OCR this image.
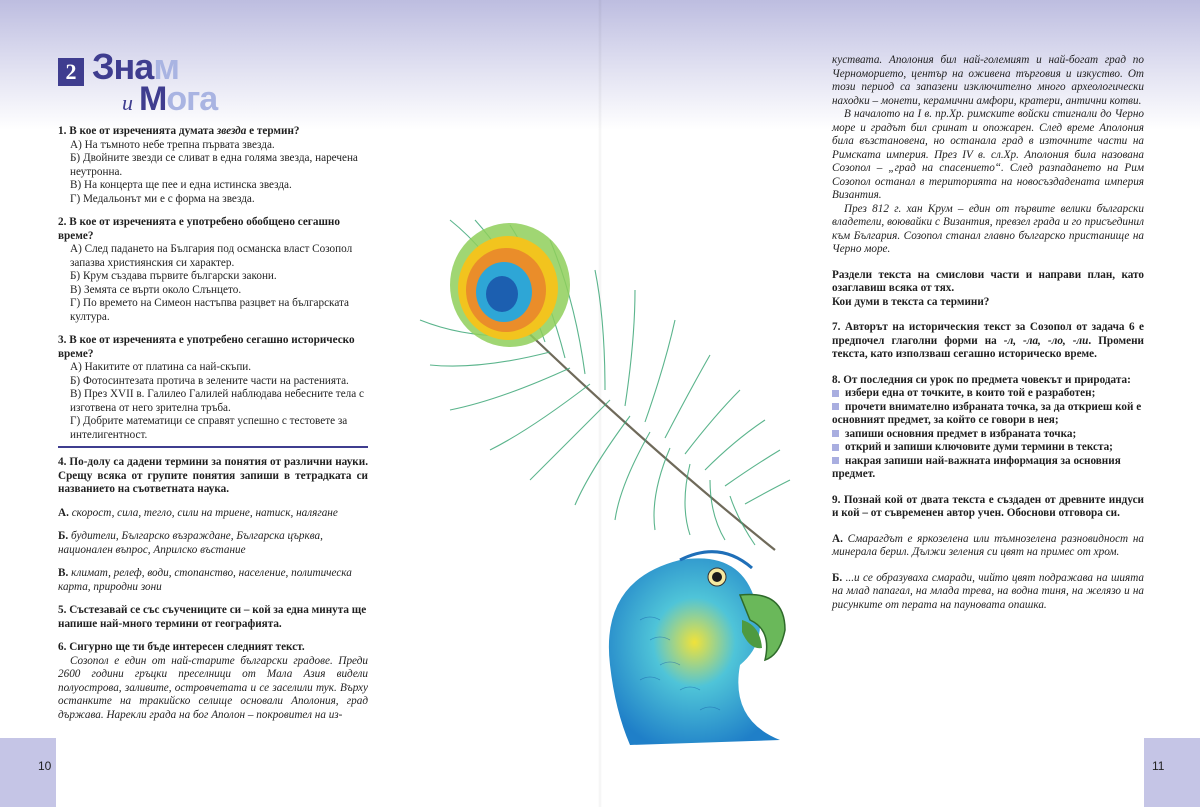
2 Знам
и Мога

1. В кое от изреченията думата звезда е термин?

А) На тъмното небе трепна първата звезда.

Б) Двойните звезди се сливат в една голяма звезда, наречена неутронна.

В) На концерта ще пее и една истинска звезда.

Г) Медальонът ми е с форма на звезда.

2. В кое от изреченията е употребено обобщено сегашно време?

А) След падането на България под османска власт Созопол запазва християнския си характер.

Б) Крум създава първите български закони.

В) Земята се върти около Слънцето.

Г) По времето на Симеон настъпва разцвет на българската култура.

3. В кое от изреченията е употребено сегашно историческо време?

А) Накитите от платина са най-скъпи.

Б) Фотосинтезата протича в зелените части на растенията.

В) През XVII в. Галилео Галилей наблюдава небесните тела с изготвена от него зрителна тръба.

Г) Добрите математици се справят успешно с тестовете за интелигентност.

4. По-долу са дадени термини за понятия от различни науки. Срещу всяка от групите понятия запиши в тетрадката си названието на съответната наука.

А. скорост, сила, тегло, сили на триене, натиск, налягане

Б. будители, Българско възраждане, Българска църква, национален въпрос, Априлско въстание

В. климат, релеф, води, стопанство, население, политическа карта, природни зони

5. Състезавай се със съучениците си – кой за една минута ще напише най-много термини от географията.

6. Сигурно ще ти бъде интересен следният текст.

Созопол е един от най-старите български градове. Преди 2600 години гръцки преселници от Мала Азия видели полуострова, заливите, островчетата и се заселили тук. Върху останките на тракийско селище основали Аполония, град държава. Нарекли града на бог Аполон – покровител на из-

куствата. Аполония бил най-големият и най-богат град по Черноморието, център на оживена търговия и изкуство. От този период са запазени изключително много археологически находки – монети, керамични амфори, кратери, антични котви.

В началото на I в. пр.Хр. римските войски стигнали до Черно море и градът бил сринат и опожарен. След време Аполония била възстановена, но останала град в източните части на Римската империя. През IV в. сл.Хр. Аполония била назована Созопол – „град на спасението“. След разпадането на Рим Созопол останал в територията на новосъздадената империя Византия.

През 812 г. хан Крум – един от първите велики български владетели, воювайки с Византия, превзел града и го присъединил към България. Созопол станал главно българско пристанище на Черно море.

Раздели текста на смислови части и направи план, като озаглавиш всяка от тях.

Кои думи в текста са термини?

7. Авторът на историческия текст за Созопол от задача 6 е предпочел глаголни форми на -л, -ла, -ло, -ли. Промени текста, като използваш сегашно историческо време.

8. От последния си урок по предмета човекът и природата:

избери една от точките, в които той е разработен;

прочети внимателно избраната точка, за да откриеш кой е основният предмет, за който се говори в нея;

запиши основния предмет в избраната точка;

открий и запиши ключовите думи термини в текста;

накрая запиши най-важната информация за основния предмет.

9. Познай кой от двата текста е създаден от древните индуси и кой – от съвременен автор учен. Обоснови отговора си.

А. Смарагдът е яркозелена или тъмнозелена разновидност на минерала берил. Дължи зеления си цвят на примес от хром.

Б. ...и се образуваха смаради, чийто цвят подражава на шията на млад папагал, на млада трева, на водна тиня, на желязо и на рисунките от перата на пауновата опашка.

10	11
